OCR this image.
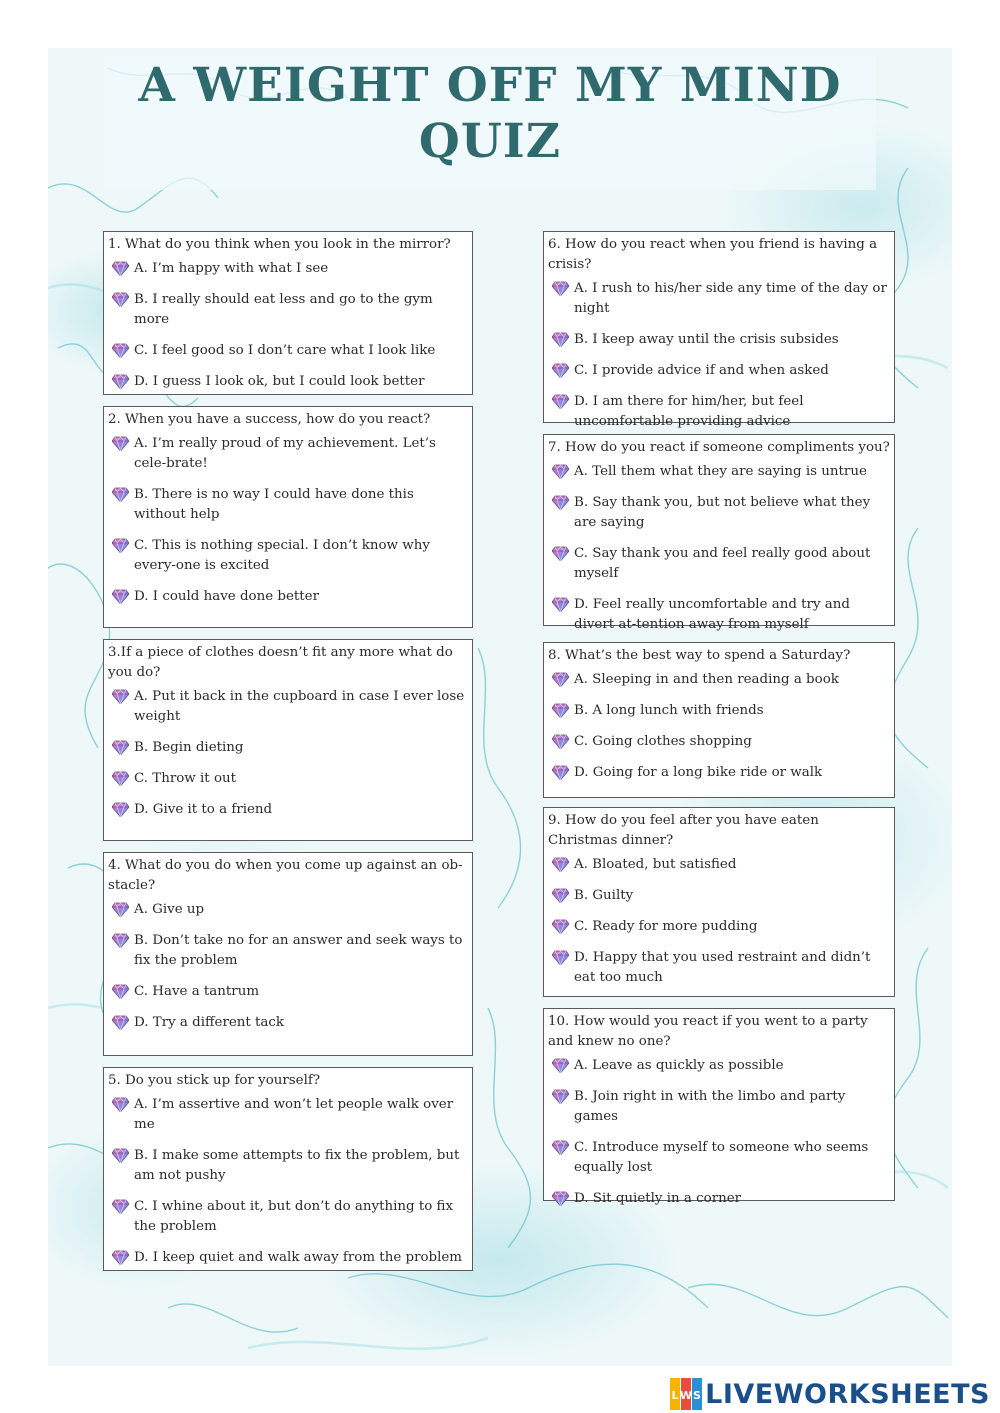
A WEIGHT OFF MY MIND
QUIZ

1. What do you think when you look in the mirror?

A. I’m happy with what I see
B. I really should eat less and go to the gym more
C. I feel good so I don’t care what I look like
D. I guess I look ok, but I could look better

2. When you have a success, how do you react?

A. I’m really proud of my achievement. Let’s cele-brate!
B. There is no way I could have done this without help
C. This is nothing special. I don’t know why every-one is excited
D. I could have done better

3.If a piece of clothes doesn’t fit any more what do you do?

A. Put it back in the cupboard in case I ever lose weight
B. Begin dieting
C. Throw it out
D. Give it to a friend

4. What do you do when you come up against an ob-stacle?

A. Give up
B. Don’t take no for an answer and seek ways to fix the problem
C. Have a tantrum
D. Try a different tack

5. Do you stick up for yourself?

A. I’m assertive and won’t let people walk over me
B. I make some attempts to fix the problem, but am not pushy
C. I whine about it, but don’t do anything to fix the problem
D. I keep quiet and walk away from the problem

6. How do you react when you friend is having a crisis?

A. I rush to his/her side any time of the day or night
B. I keep away until the crisis subsides
C. I provide advice if and when asked
D. I am there for him/her, but feel uncomfortable providing advice

7. How do you react if someone compliments you?

A. Tell them what they are saying is untrue
B. Say thank you, but not believe what they are saying
C. Say thank you and feel really good about myself
D. Feel really uncomfortable and try and divert at-tention away from myself

8. What’s the best way to spend a Saturday?

A. Sleeping in and then reading a book
B. A long lunch with friends
C. Going clothes shopping
D. Going for a long bike ride or walk

9. How do you feel after you have eaten Christmas dinner?

A. Bloated, but satisfied
B. Guilty
C. Ready for more pudding
D. Happy that you used restraint and didn’t eat too much

10. How would you react if you went to a party and knew no one?

A. Leave as quickly as possible
B. Join right in with the limbo and party games
C. Introduce myself to someone who seems equally lost
D. Sit quietly in a corner
L W S LIVEWORKSHEETS
